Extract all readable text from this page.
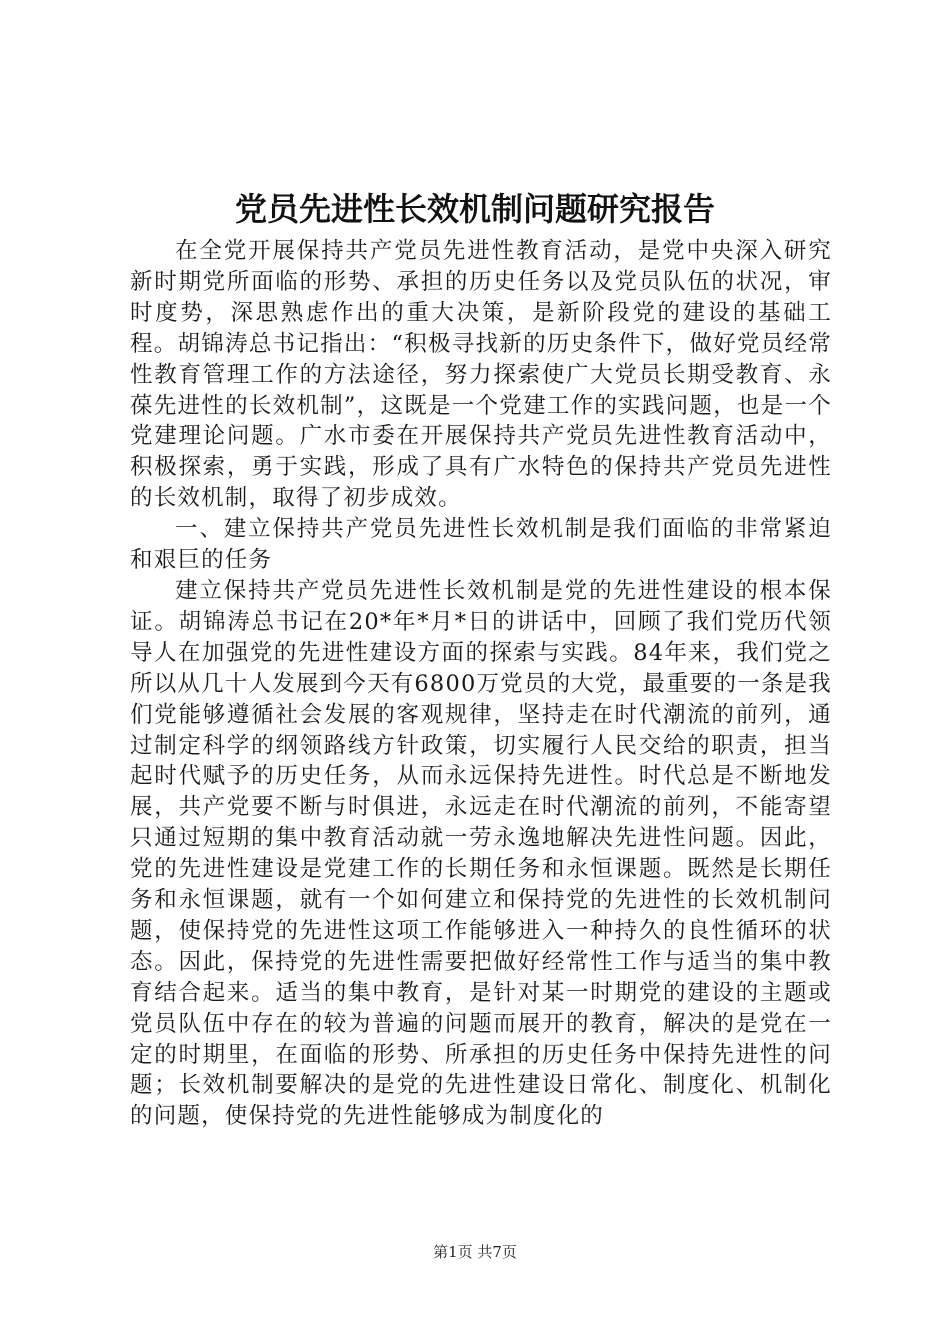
党员先进性长效机制问题研究报告

在全党开展保持共产党员先进性教育活动，是党中央深入研究新时期党所面临的形势、承担的历史任务以及党员队伍的状况，审时度势，深思熟虑作出的重大决策，是新阶段党的建设的基础工程。胡锦涛总书记指出：“积极寻找新的历史条件下，做好党员经常性教育管理工作的方法途径，努力探索使广大党员长期受教育、永葆先进性的长效机制”，这既是一个党建工作的实践问题，也是一个党建理论问题。广水市委在开展保持共产党员先进性教育活动中，积极探索，勇于实践，形成了具有广水特色的保持共产党员先进性的长效机制，取得了初步成效。

一、建立保持共产党员先进性长效机制是我们面临的非常紧迫和艰巨的任务

建立保持共产党员先进性长效机制是党的先进性建设的根本保证。胡锦涛总书记在20*年*月*日的讲话中，回顾了我们党历代领导人在加强党的先进性建设方面的探索与实践。84年来，我们党之所以从几十人发展到今天有6800万党员的大党，最重要的一条是我们党能够遵循社会发展的客观规律，坚持走在时代潮流的前列，通过制定科学的纲领路线方针政策，切实履行人民交给的职责，担当起时代赋予的历史任务，从而永远保持先进性。时代总是不断地发展，共产党要不断与时俱进，永远走在时代潮流的前列，不能寄望只通过短期的集中教育活动就一劳永逸地解决先进性问题。因此，党的先进性建设是党建工作的长期任务和永恒课题。既然是长期任务和永恒课题，就有一个如何建立和保持党的先进性的长效机制问题，使保持党的先进性这项工作能够进入一种持久的良性循环的状态。因此，保持党的先进性需要把做好经常性工作与适当的集中教育结合起来。适当的集中教育，是针对某一时期党的建设的主题或党员队伍中存在的较为普遍的问题而展开的教育，解决的是党在一定的时期里，在面临的形势、所承担的历史任务中保持先进性的问题；长效机制要解决的是党的先进性建设日常化、制度化、机制化的问题，使保持党的先进性能够成为制度化的

第1页 共7页
